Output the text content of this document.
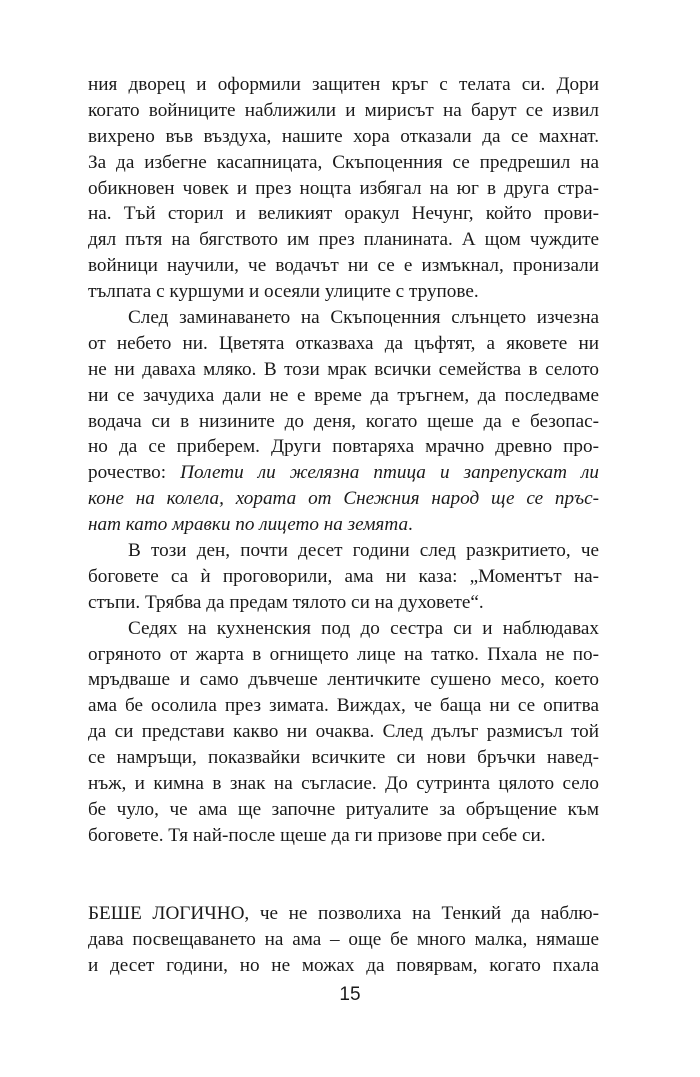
ния дворец и оформили защитен кръг с телата си. Дори
когато войниците наближили и мирисът на барут се извил
вихрено във въздуха, нашите хора отказали да се махнат.
За да избегне касапницата, Скъпоценния се предрешил на
обикновен човек и през нощта избягал на юг в друга стра-
на. Тъй сторил и великият оракул Нечунг, който прови-
дял пътя на бягството им през планината. А щом чуждите
войници научили, че водачът ни се е измъкнал, пронизали
тълпата с куршуми и осеяли улиците с трупове.
След заминаването на Скъпоценния слънцето изчезна
от небето ни. Цветята отказваха да цъфтят, а яковете ни
не ни даваха мляко. В този мрак всички семейства в селото
ни се зачудиха дали не е време да тръгнем, да последваме
водача си в низините до деня, когато щеше да е безопас-
но да се приберем. Други повтаряха мрачно древно про-
рочество: Полети ли желязна птица и запрепускат ли
коне на колела, хората от Снежния народ ще се пръс-
нат като мравки по лицето на земята.
В този ден, почти десет години след разкритието, че
боговете са ѝ проговорили, ама ни каза: „Моментът на-
стъпи. Трябва да предам тялото си на духовете“.
Седях на кухненския под до сестра си и наблюдавах
огряното от жарта в огнището лице на татко. Пхала не по-
мръдваше и само дъвчеше лентичките сушено месо, което
ама бе осолила през зимата. Виждах, че баща ни се опитва
да си представи какво ни очаква. След дълъг размисъл той
се намръщи, показвайки всичките си нови бръчки навед-
нъж, и кимна в знак на съгласие. До сутринта цялото село
бе чуло, че ама ще започне ритуалите за обръщение към
боговете. Тя най-после щеше да ги призове при себе си.
БЕШЕ ЛОГИЧНО, че не позволиха на Тенкий да наблю-
дава посвещаването на ама – още бе много малка, нямаше
и десет години, но не можах да повярвам, когато пхала
15
